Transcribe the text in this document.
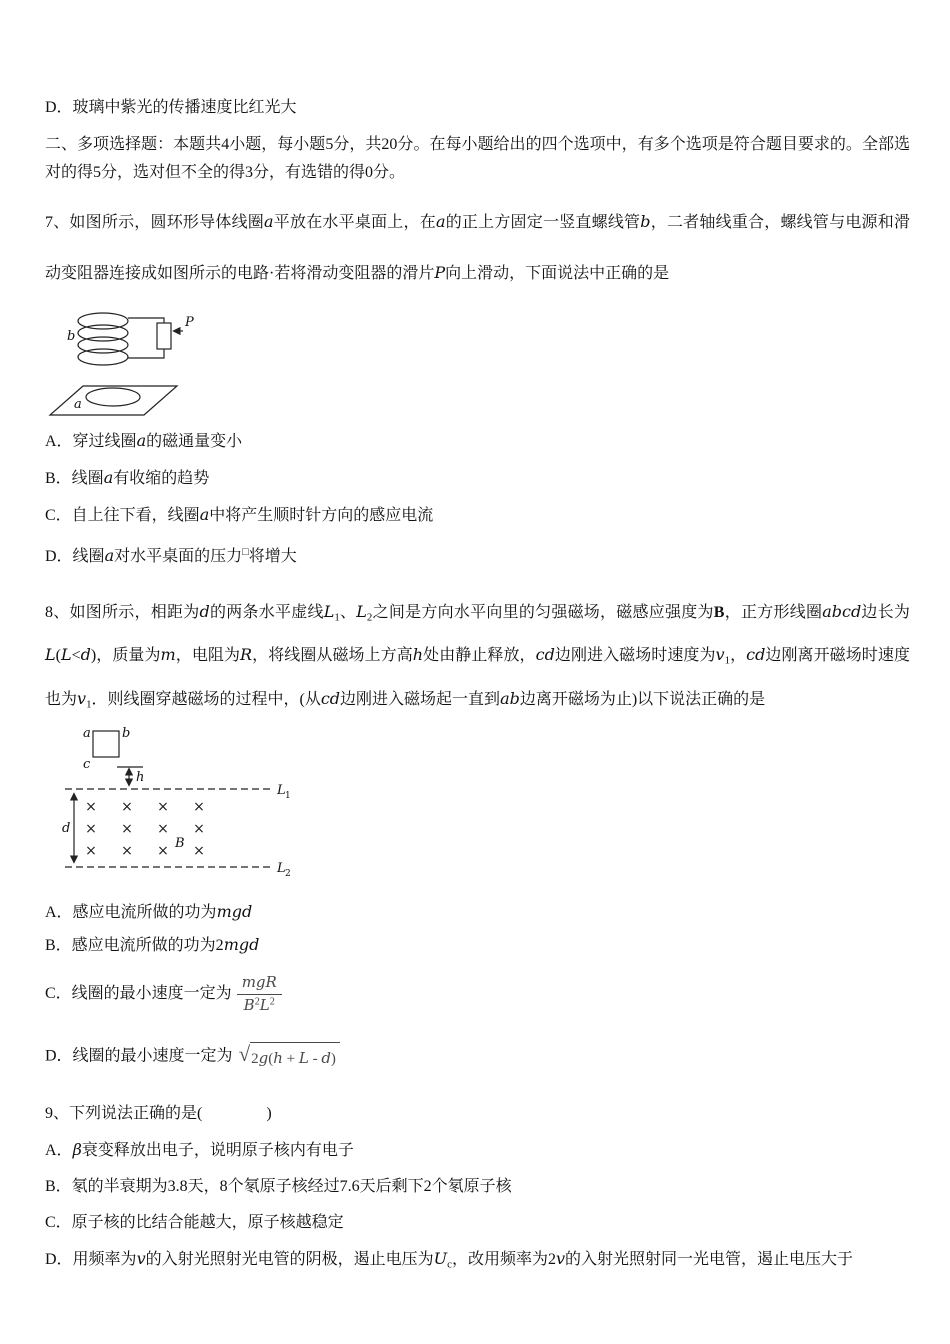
D．玻璃中紫光的传播速度比红光大

二、多项选择题：本题共4小题，每小题5分，共20分。在每小题给出的四个选项中，有多个选项是符合题目要求的。全部选对的得5分，选对但不全的得3分，有选错的得0分。

7、如图所示，圆环形导体线圈a平放在水平桌面上，在a的正上方固定一竖直螺线管b，二者轴线重合，螺线管与电源和滑动变阻器连接成如图所示的电路·若将滑动变阻器的滑片P向上滑动，下面说法中正确的是

b
P
a

A．穿过线圈a的磁通量变小

B．线圈a有收缩的趋势

C．自上往下看，线圈a中将产生顺时针方向的感应电流

D．线圈a对水平桌面的压力□将增大

8、如图所示，相距为d的两条水平虚线$L_1$、$L_2$之间是方向水平向里的匀强磁场，磁感应强度为B，正方形线圈abcd边长为L(L<d)，质量为m，电阻为R，将线圈从磁场上方高h处由静止释放，cd边刚进入磁场时速度为$v_1$，cd边刚离开磁场时速度也为$v_1$．则线圈穿越磁场的过程中，(从cd边刚进入磁场起一直到ab边离开磁场为止)以下说法正确的是

× × × ×
× × × ×
× × × ×
a b
c
h
L 1
d
B
L 2

A．感应电流所做的功为mgd

B．感应电流所做的功为2mgd

C．线圈的最小速度一定为 $\frac{\text{mgR}}{B^2L^2}$

D．线圈的最小速度一定为 √ 2g(h + L - d)

9、下列说法正确的是(　　　　)

A．β衰变释放出电子，说明原子核内有电子

B．氡的半衰期为3.8天，8个氡原子核经过7.6天后剩下2个氡原子核

C．原子核的比结合能越大，原子核越稳定

D．用频率为v的入射光照射光电管的阴极，遏止电压为$U_c$，改用频率为2v的入射光照射同一光电管，遏止电压大于
